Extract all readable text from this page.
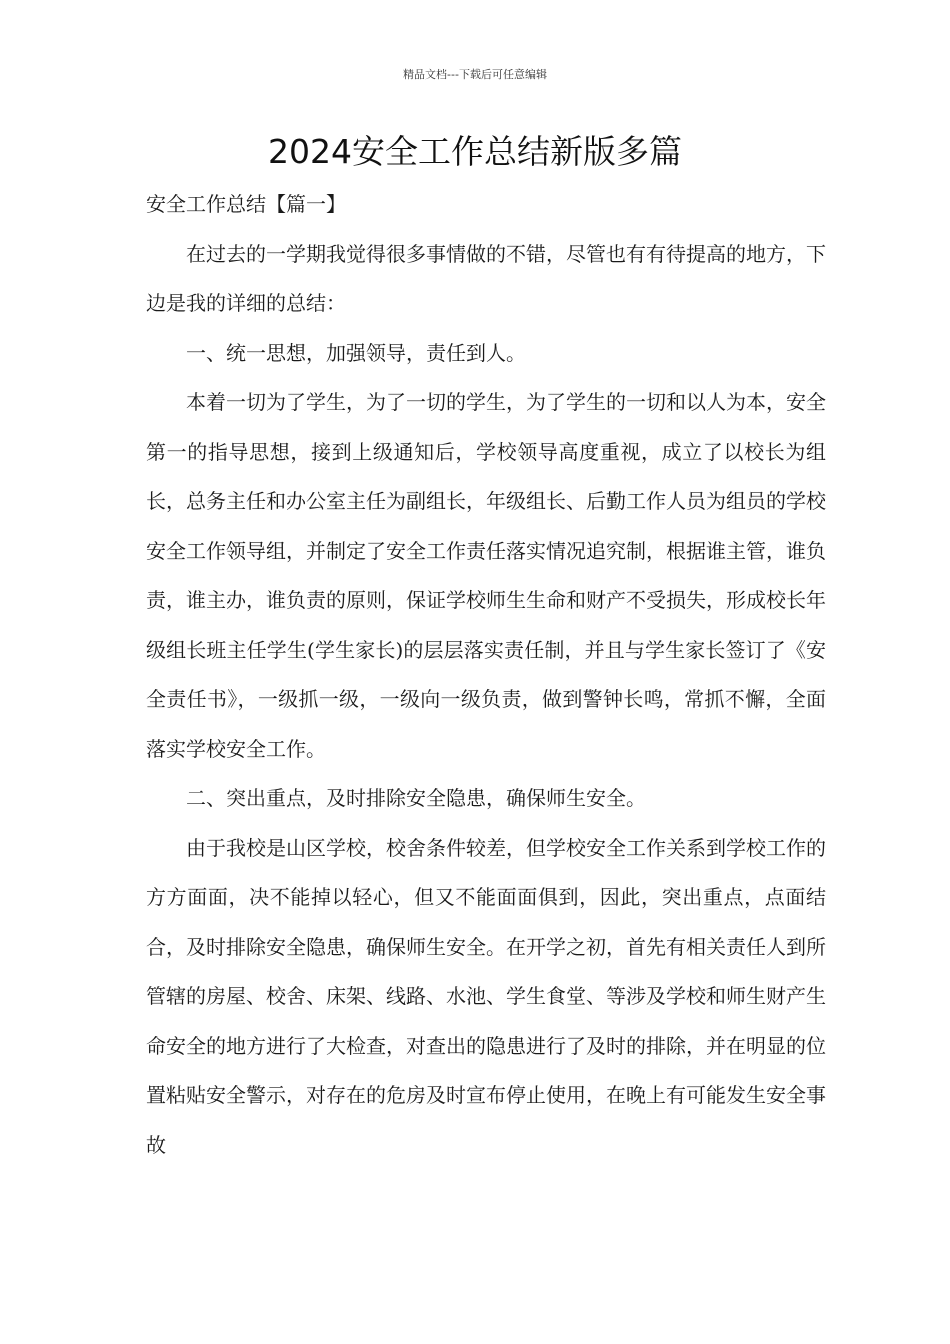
精品文档---下载后可任意编辑
2024安全工作总结新版多篇

安全工作总结【篇一】

在过去的一学期我觉得很多事情做的不错，尽管也有有待提高的地方，下边是我的详细的总结：

一、统一思想，加强领导，责任到人。

本着一切为了学生，为了一切的学生，为了学生的一切和以人为本，安全第一的指导思想，接到上级通知后，学校领导高度重视，成立了以校长为组长，总务主任和办公室主任为副组长，年级组长、后勤工作人员为组员的学校安全工作领导组，并制定了安全工作责任落实情况追究制，根据谁主管，谁负责，谁主办，谁负责的原则，保证学校师生生命和财产不受损失，形成校长年级组长班主任学生(学生家长)的层层落实责任制，并且与学生家长签订了《安全责任书》，一级抓一级，一级向一级负责，做到警钟长鸣，常抓不懈，全面落实学校安全工作。

二、突出重点，及时排除安全隐患，确保师生安全。

由于我校是山区学校，校舍条件较差，但学校安全工作关系到学校工作的方方面面，决不能掉以轻心，但又不能面面俱到，因此，突出重点，点面结合，及时排除安全隐患，确保师生安全。在开学之初，首先有相关责任人到所管辖的房屋、校舍、床架、线路、水池、学生食堂、等涉及学校和师生财产生命安全的地方进行了大检查，对查出的隐患进行了及时的排除，并在明显的位置粘贴安全警示，对存在的危房及时宣布停止使用，在晚上有可能发生安全事故
